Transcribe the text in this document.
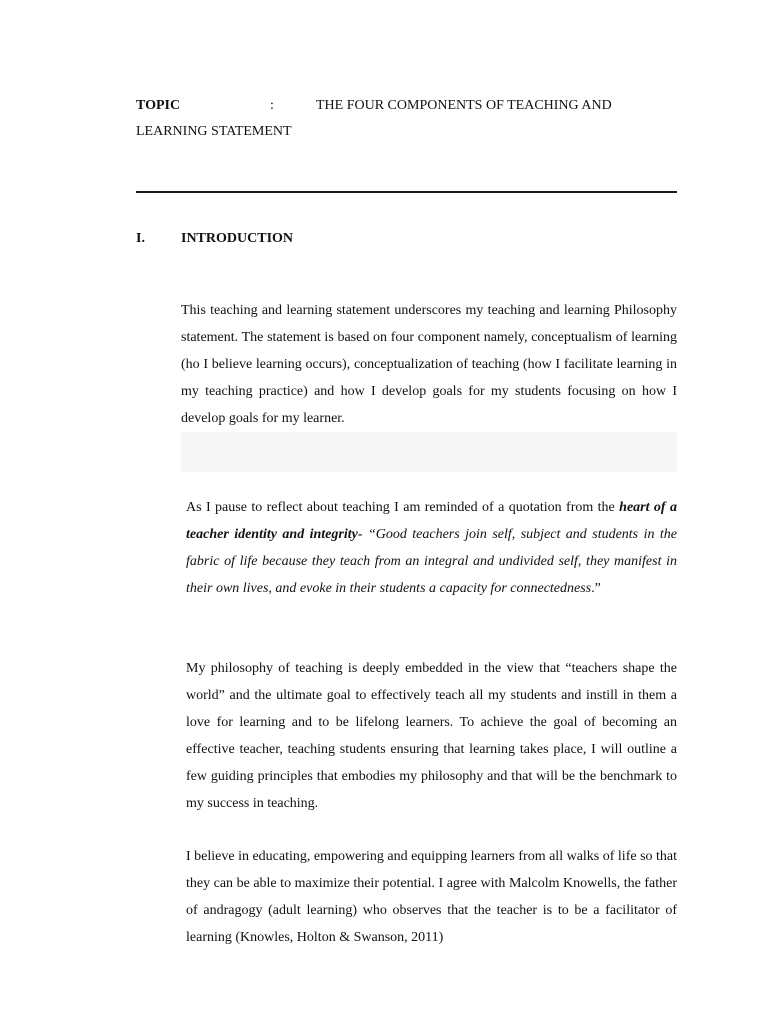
TOPIC	:	THE FOUR COMPONENTS OF TEACHING AND LEARNING STATEMENT
I.	INTRODUCTION
This teaching and learning statement underscores my teaching and learning Philosophy statement. The statement is based on four component namely, conceptualism of learning (ho I believe learning occurs), conceptualization of teaching (how I facilitate learning in my teaching practice) and how I develop goals for my students focusing on how I develop goals for my learner.
As I pause to reflect about teaching I am reminded of a quotation from the heart of a teacher identity and integrity- “Good teachers join self, subject and students in the fabric of life because they teach from an integral and undivided self, they manifest in their own lives, and evoke in their students a capacity for connectedness.”
My philosophy of teaching is deeply embedded in the view that “teachers shape the world” and the ultimate goal to effectively teach all my students and instill in them a love for learning and to be lifelong learners. To achieve the goal of becoming an effective teacher, teaching students ensuring that learning takes place, I will outline a few guiding principles that embodies my philosophy and that will be the benchmark to my success in teaching.
I believe in educating, empowering and equipping learners from all walks of life so that they can be able to maximize their potential. I agree with Malcolm Knowells, the father of andragogy (adult learning) who observes that the teacher is to be a facilitator of learning (Knowles, Holton & Swanson, 2011)
